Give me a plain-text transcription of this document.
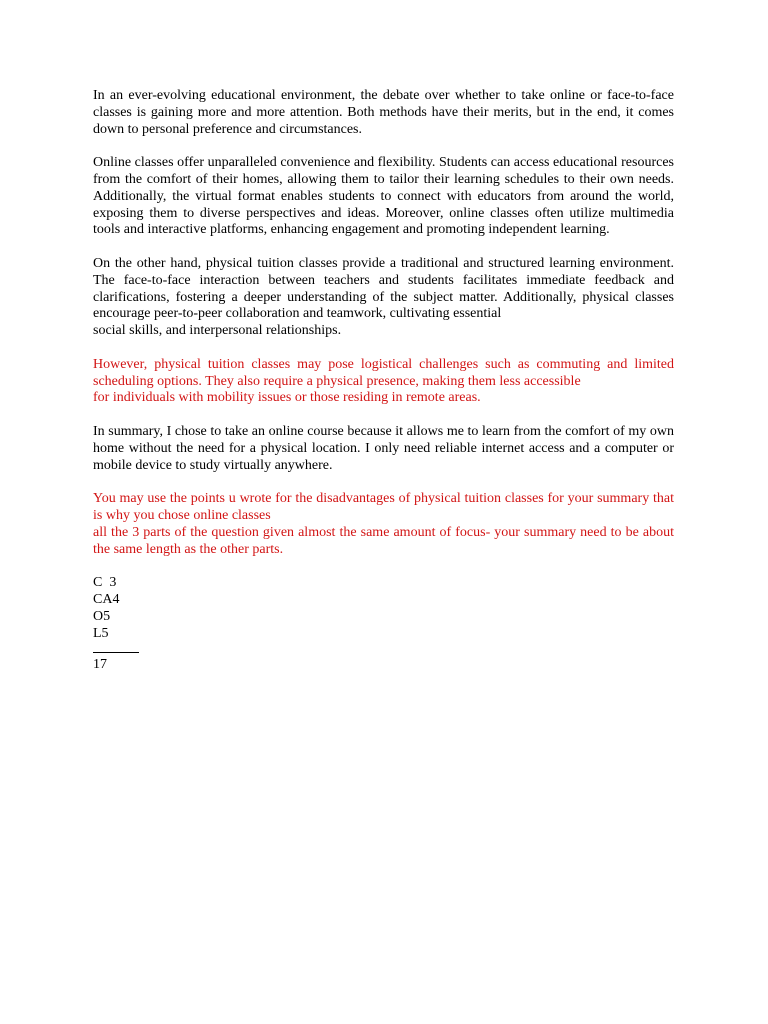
In an ever-evolving educational environment, the debate over whether to take online or face-to-face classes is gaining more and more attention. Both methods have their merits, but in the end, it comes down to personal preference and circumstances.

Online classes offer unparalleled convenience and flexibility. Students can access educational resources from the comfort of their homes, allowing them to tailor their learning schedules to their own needs. Additionally, the virtual format enables students to connect with educators from around the world, exposing them to diverse perspectives and ideas. Moreover, online classes often utilize multimedia tools and interactive platforms, enhancing engagement and promoting independent learning.

On the other hand, physical tuition classes provide a traditional and structured learning environment. The face-to-face interaction between teachers and students facilitates immediate feedback and clarifications, fostering a deeper understanding of the subject matter. Additionally, physical classes encourage peer-to-peer collaboration and teamwork, cultivating essential
social skills, and interpersonal relationships.

However, physical tuition classes may pose logistical challenges such as commuting and limited scheduling options. They also require a physical presence, making them less accessible
for individuals with mobility issues or those residing in remote areas.

In summary, I chose to take an online course because it allows me to learn from the comfort of my own home without the need for a physical location. I only need reliable internet access and a computer or mobile device to study virtually anywhere.

You may use the points u wrote for the disadvantages of physical tuition classes for your summary that is why you chose online classes
all the 3 parts of the question given almost the same amount of focus- your summary need to be about the same length as the other parts.

C  3
CA4
O5
L5
17
